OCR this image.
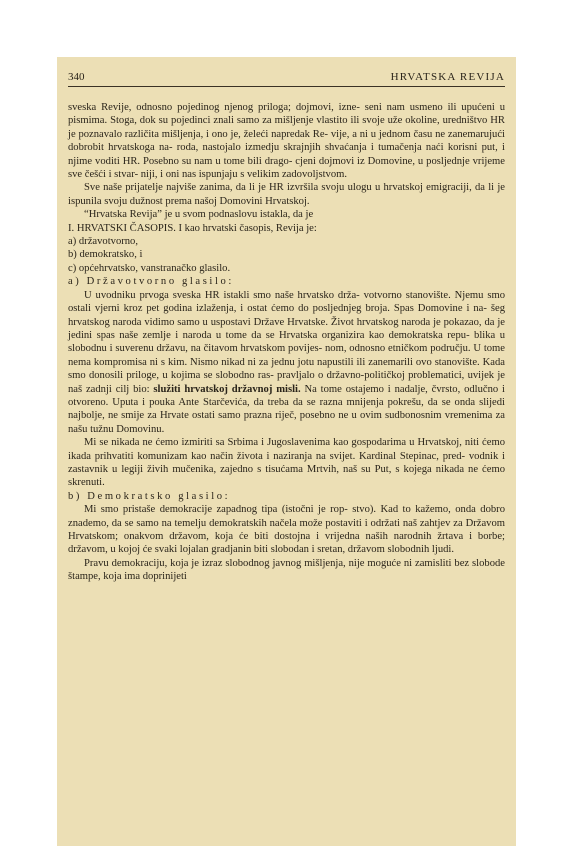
340	HRVATSKA REVIJA

sveska Revije, odnosno pojedinog njenog priloga; dojmovi, izne- seni nam usmeno ili upućeni u pismima. Stoga, dok su pojedinci znali samo za mišljenje vlastito ili svoje uže okoline, uredništvo HR je poznavalo različita mišljenja, i ono je, želeći napredak Re- vije, a ni u jednom času ne zanemarujući dobrobit hrvatskoga na- roda, nastojalo izmedju skrajnjih shvaćanja i tumačenja naći korisni put, i njime voditi HR. Posebno su nam u tome bili drago- cjeni dojmovi iz Domovine, u posljednje vrijeme sve češći i stvar- niji, i oni nas ispunjaju s velikim zadovoljstvom.

Sve naše prijatelje najviše zanima, da li je HR izvršila svoju ulogu u hrvatskoj emigraciji, da li je ispunila svoju dužnost prema našoj Domovini Hrvatskoj.

“Hrvatska Revija” je u svom podnaslovu istakla, da je

I. HRVATSKI ČASOPIS. I kao hrvatski časopis, Revija je:

a) državotvorno,

b) demokratsko, i

c) općehrvatsko, vanstranačko glasilo.

a) Državotvorno glasilo:

U uvodniku prvoga sveska HR istakli smo naše hrvatsko drža- votvorno stanovište. Njemu smo ostali vjerni kroz pet godina izlaženja, i ostat ćemo do posljednjeg broja. Spas Domovine i na- šeg hrvatskog naroda vidimo samo u uspostavi Države Hrvatske. Život hrvatskog naroda je pokazao, da je jedini spas naše zemlje i naroda u tome da se Hrvatska organizira kao demokratska repu- blika u slobodnu i suverenu državu, na čitavom hrvatskom povijes- nom, odnosno etničkom području. U tome nema kompromisa ni s kim. Nismo nikad ni za jednu jotu napustili ili zanemarili ovo stanovište. Kada smo donosili priloge, u kojima se slobodno ras- pravljalo o državno-političkoj problematici, uvijek je naš zadnji cilj bio: služiti hrvatskoj državnoj misli. Na tome ostajemo i nadalje, čvrsto, odlučno i otvoreno. Uputa i pouka Ante Starčevića, da treba da se razna mnijenja pokrešu, da se onda slijedi najbolje, ne smije za Hrvate ostati samo prazna riječ, posebno ne u ovim sudbonosnim vremenima za našu tužnu Domovinu.

Mi se nikada ne ćemo izmiriti sa Srbima i Jugoslavenima kao gospodarima u Hrvatskoj, niti ćemo ikada prihvatiti komunizam kao način života i naziranja na svijet. Kardinal Stepinac, pred- vodnik i zastavnik u legiji živih mučenika, zajedno s tisućama Mrtvih, naš su Put, s kojega nikada ne ćemo skrenuti.

b) Demokratsko glasilo:

Mi smo pristaše demokracije zapadnog tipa (istočni je rop- stvo). Kad to kažemo, onda dobro znademo, da se samo na temelju demokratskih načela može postaviti i održati naš zahtjev za Državom Hrvatskom; onakvom državom, koja će biti dostojna i vrijedna naših narodnih žrtava i borbe; državom, u kojoj će svaki lojalan gradjanin biti slobodan i sretan, državom slobodnih ljudi.

Pravu demokraciju, koja je izraz slobodnog javnog mišljenja, nije moguće ni zamisliti bez slobode štampe, koja ima doprinijeti
